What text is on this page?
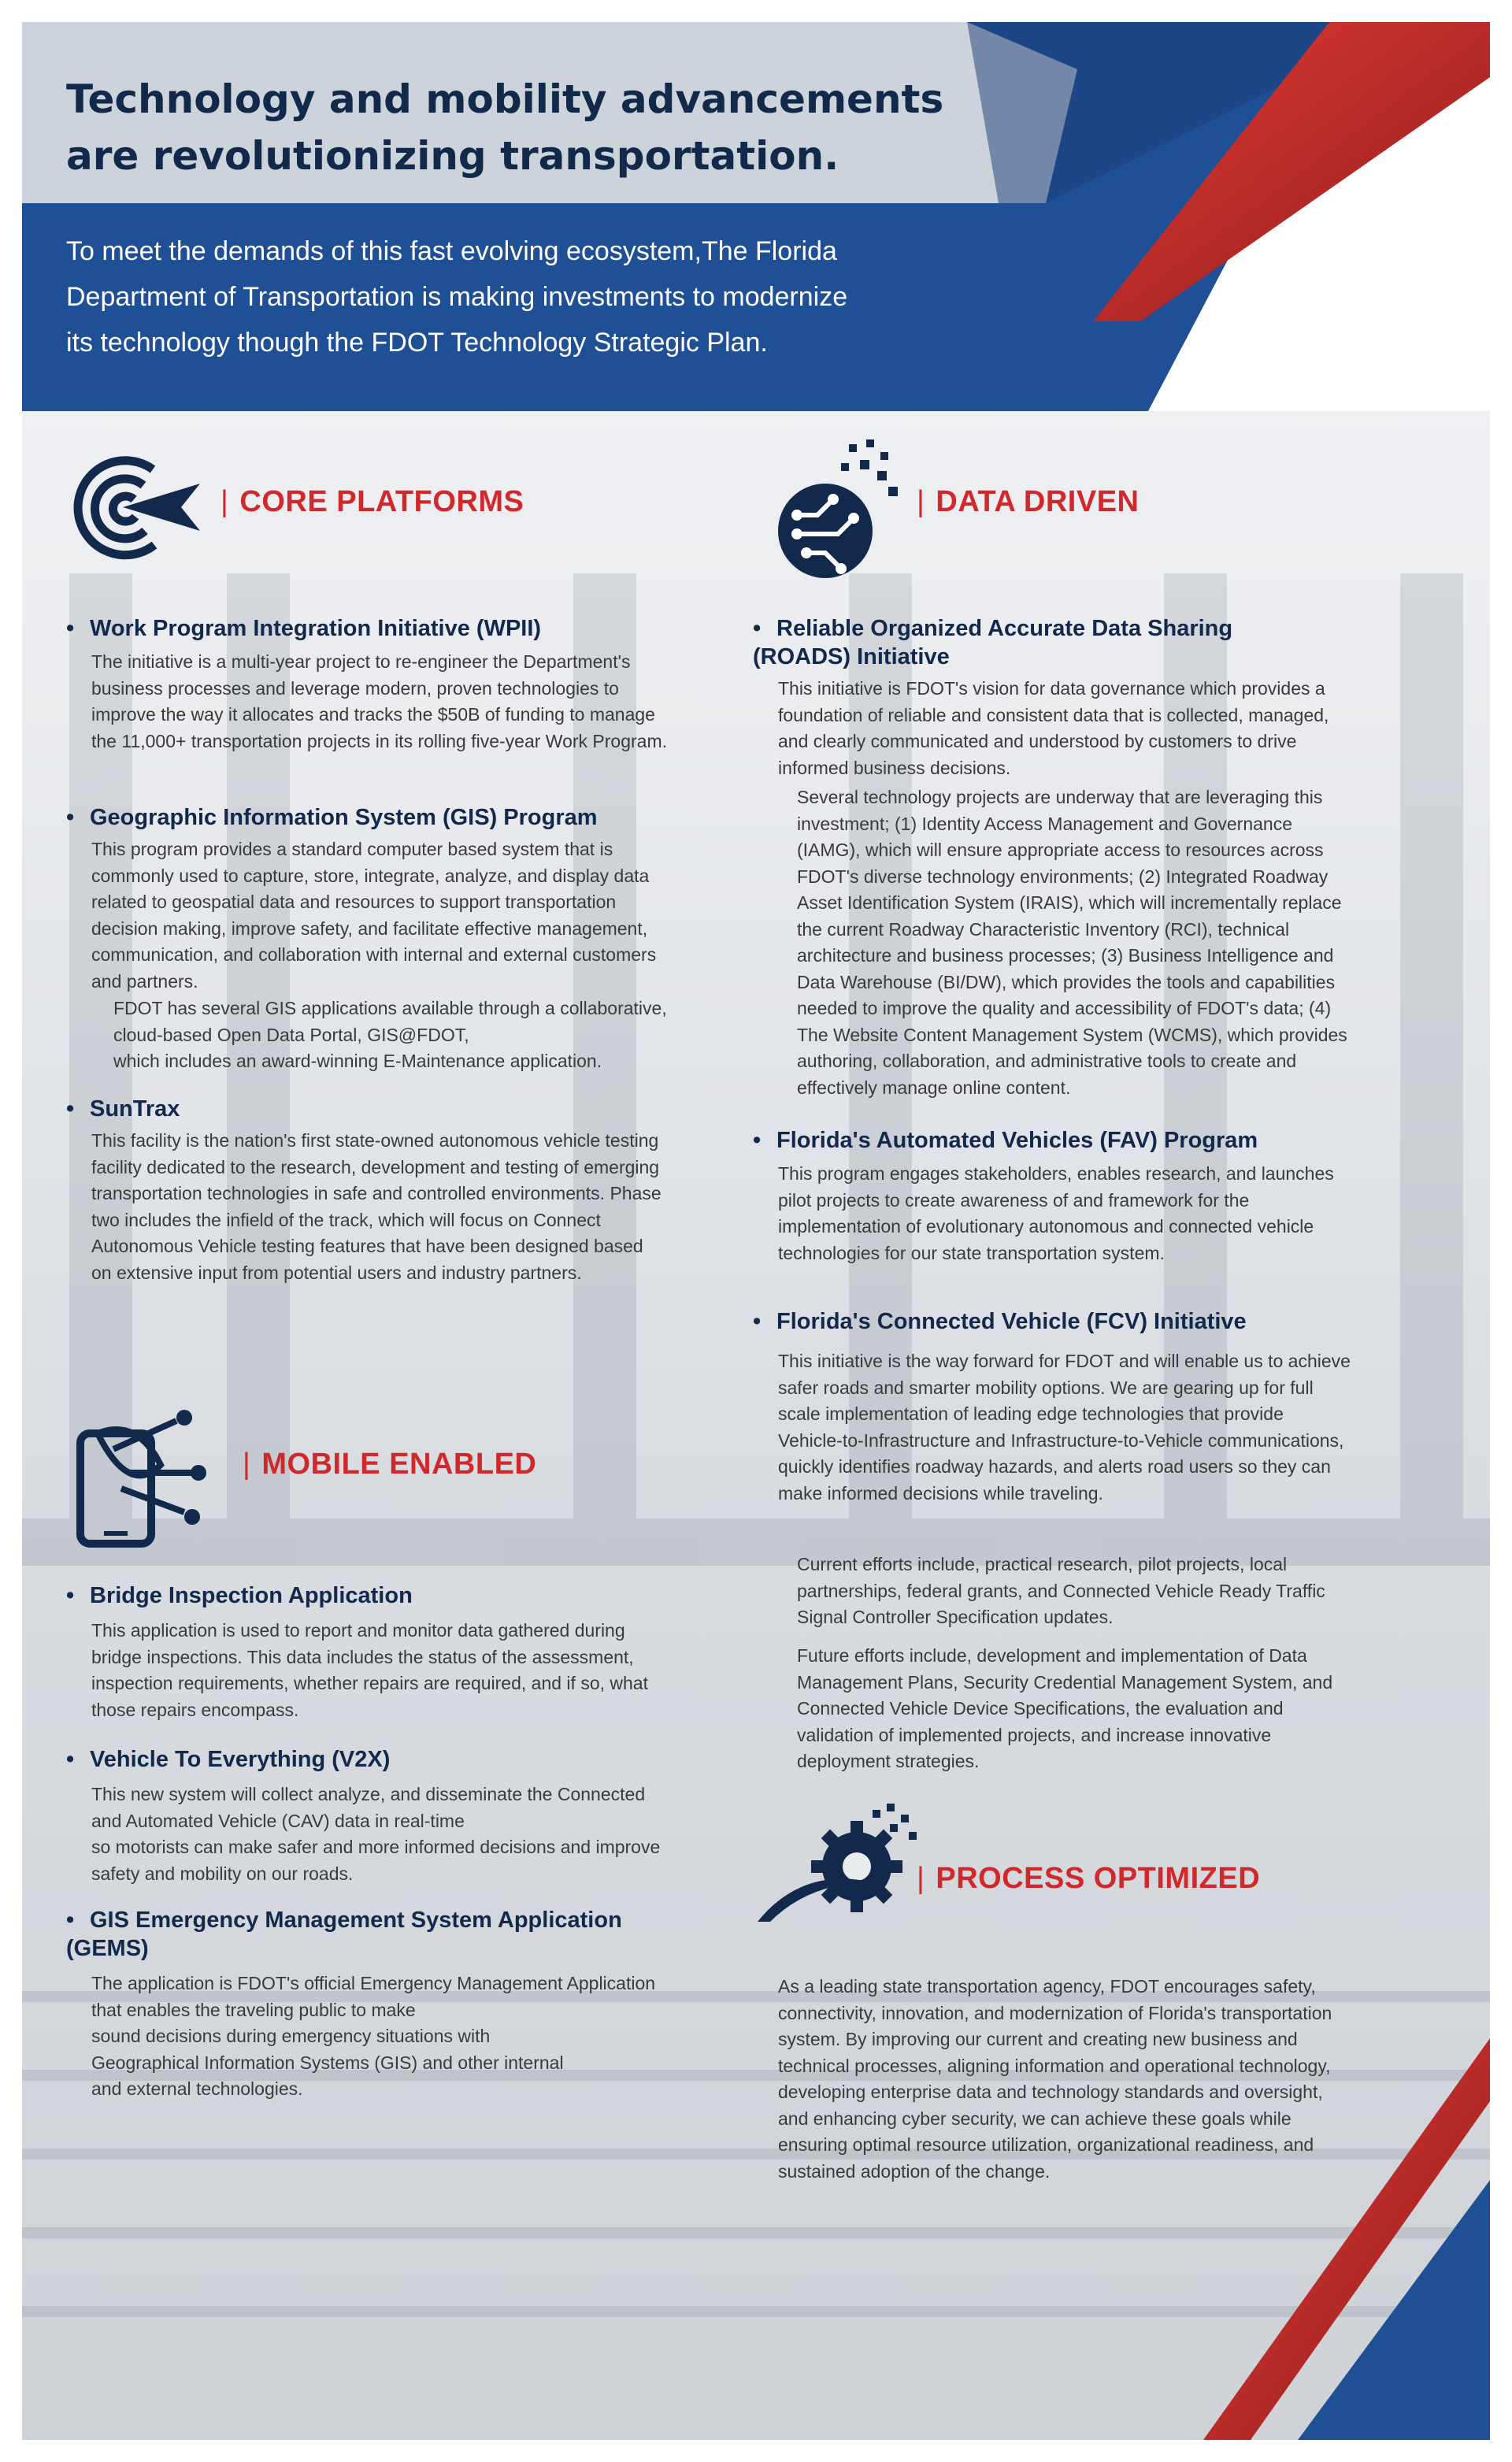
Technology and mobility advancements
are revolutionizing transportation.

To meet the demands of this fast evolving ecosystem,The Florida
Department of Transportation is making investments to modernize
its technology though the FDOT Technology Strategic Plan.

| CORE PLATFORMS
• Work Program Integration Initiative (WPII)

The initiative is a multi-year project to re-engineer the Department's
business processes and leverage modern, proven technologies to
improve the way it allocates and tracks the $50B of funding to manage
the 11,000+ transportation projects in its rolling five-year Work Program.

• Geographic Information System (GIS) Program

This program provides a standard computer based system that is
commonly used to capture, store, integrate, analyze, and display data
related to geospatial data and resources to support transportation
decision making, improve safety, and facilitate effective management,
communication, and collaboration with internal and external customers
and partners.

FDOT has several GIS applications available through a collaborative,
cloud-based Open Data Portal, GIS@FDOT,
which includes an award-winning E-Maintenance application.

• SunTrax

This facility is the nation's first state-owned autonomous vehicle testing
facility dedicated to the research, development and testing of emerging
transportation technologies in safe and controlled environments. Phase
two includes the infield of the track, which will focus on Connect
Autonomous Vehicle testing features that have been designed based
on extensive input from potential users and industry partners.

| DATA DRIVEN
• Reliable Organized Accurate Data Sharing
(ROADS) Initiative

This initiative is FDOT's vision for data governance which provides a
foundation of reliable and consistent data that is collected, managed,
and clearly communicated and understood by customers to drive
informed business decisions.

Several technology projects are underway that are leveraging this
investment; (1) Identity Access Management and Governance
(IAMG), which will ensure appropriate access to resources across
FDOT's diverse technology environments; (2) Integrated Roadway
Asset Identification System (IRAIS), which will incrementally replace
the current Roadway Characteristic Inventory (RCI), technical
architecture and business processes; (3) Business Intelligence and
Data Warehouse (BI/DW), which provides the tools and capabilities
needed to improve the quality and accessibility of FDOT's data; (4)
The Website Content Management System (WCMS), which provides
authoring, collaboration, and administrative tools to create and
effectively manage online content.

• Florida's Automated Vehicles (FAV) Program

This program engages stakeholders, enables research, and launches
pilot projects to create awareness of and framework for the
implementation of evolutionary autonomous and connected vehicle
technologies for our state transportation system.

• Florida's Connected Vehicle (FCV) Initiative

This initiative is the way forward for FDOT and will enable us to achieve
safer roads and smarter mobility options. We are gearing up for full
scale implementation of leading edge technologies that provide
Vehicle-to-Infrastructure and Infrastructure-to-Vehicle communications,
quickly identifies roadway hazards, and alerts road users so they can
make informed decisions while traveling.

Current efforts include, practical research, pilot projects, local
partnerships, federal grants, and Connected Vehicle Ready Traffic
Signal Controller Specification updates.

Future efforts include, development and implementation of Data
Management Plans, Security Credential Management System, and
Connected Vehicle Device Specifications, the evaluation and
validation of implemented projects, and increase innovative
deployment strategies.

| MOBILE ENABLED
• Bridge Inspection Application

This application is used to report and monitor data gathered during
bridge inspections. This data includes the status of the assessment,
inspection requirements, whether repairs are required, and if so, what
those repairs encompass.

• Vehicle To Everything (V2X)

This new system will collect analyze, and disseminate the Connected
and Automated Vehicle (CAV) data in real-time
so motorists can make safer and more informed decisions and improve
safety and mobility on our roads.

• GIS Emergency Management System Application
(GEMS)

The application is FDOT's official Emergency Management Application
that enables the traveling public to make
sound decisions during emergency situations with
Geographical Information Systems (GIS) and other internal
and external technologies.

| PROCESS OPTIMIZED

As a leading state transportation agency, FDOT encourages safety,
connectivity, innovation, and modernization of Florida's transportation
system. By improving our current and creating new business and
technical processes, aligning information and operational technology,
developing enterprise data and technology standards and oversight,
and enhancing cyber security, we can achieve these goals while
ensuring optimal resource utilization, organizational readiness, and
sustained adoption of the change.
